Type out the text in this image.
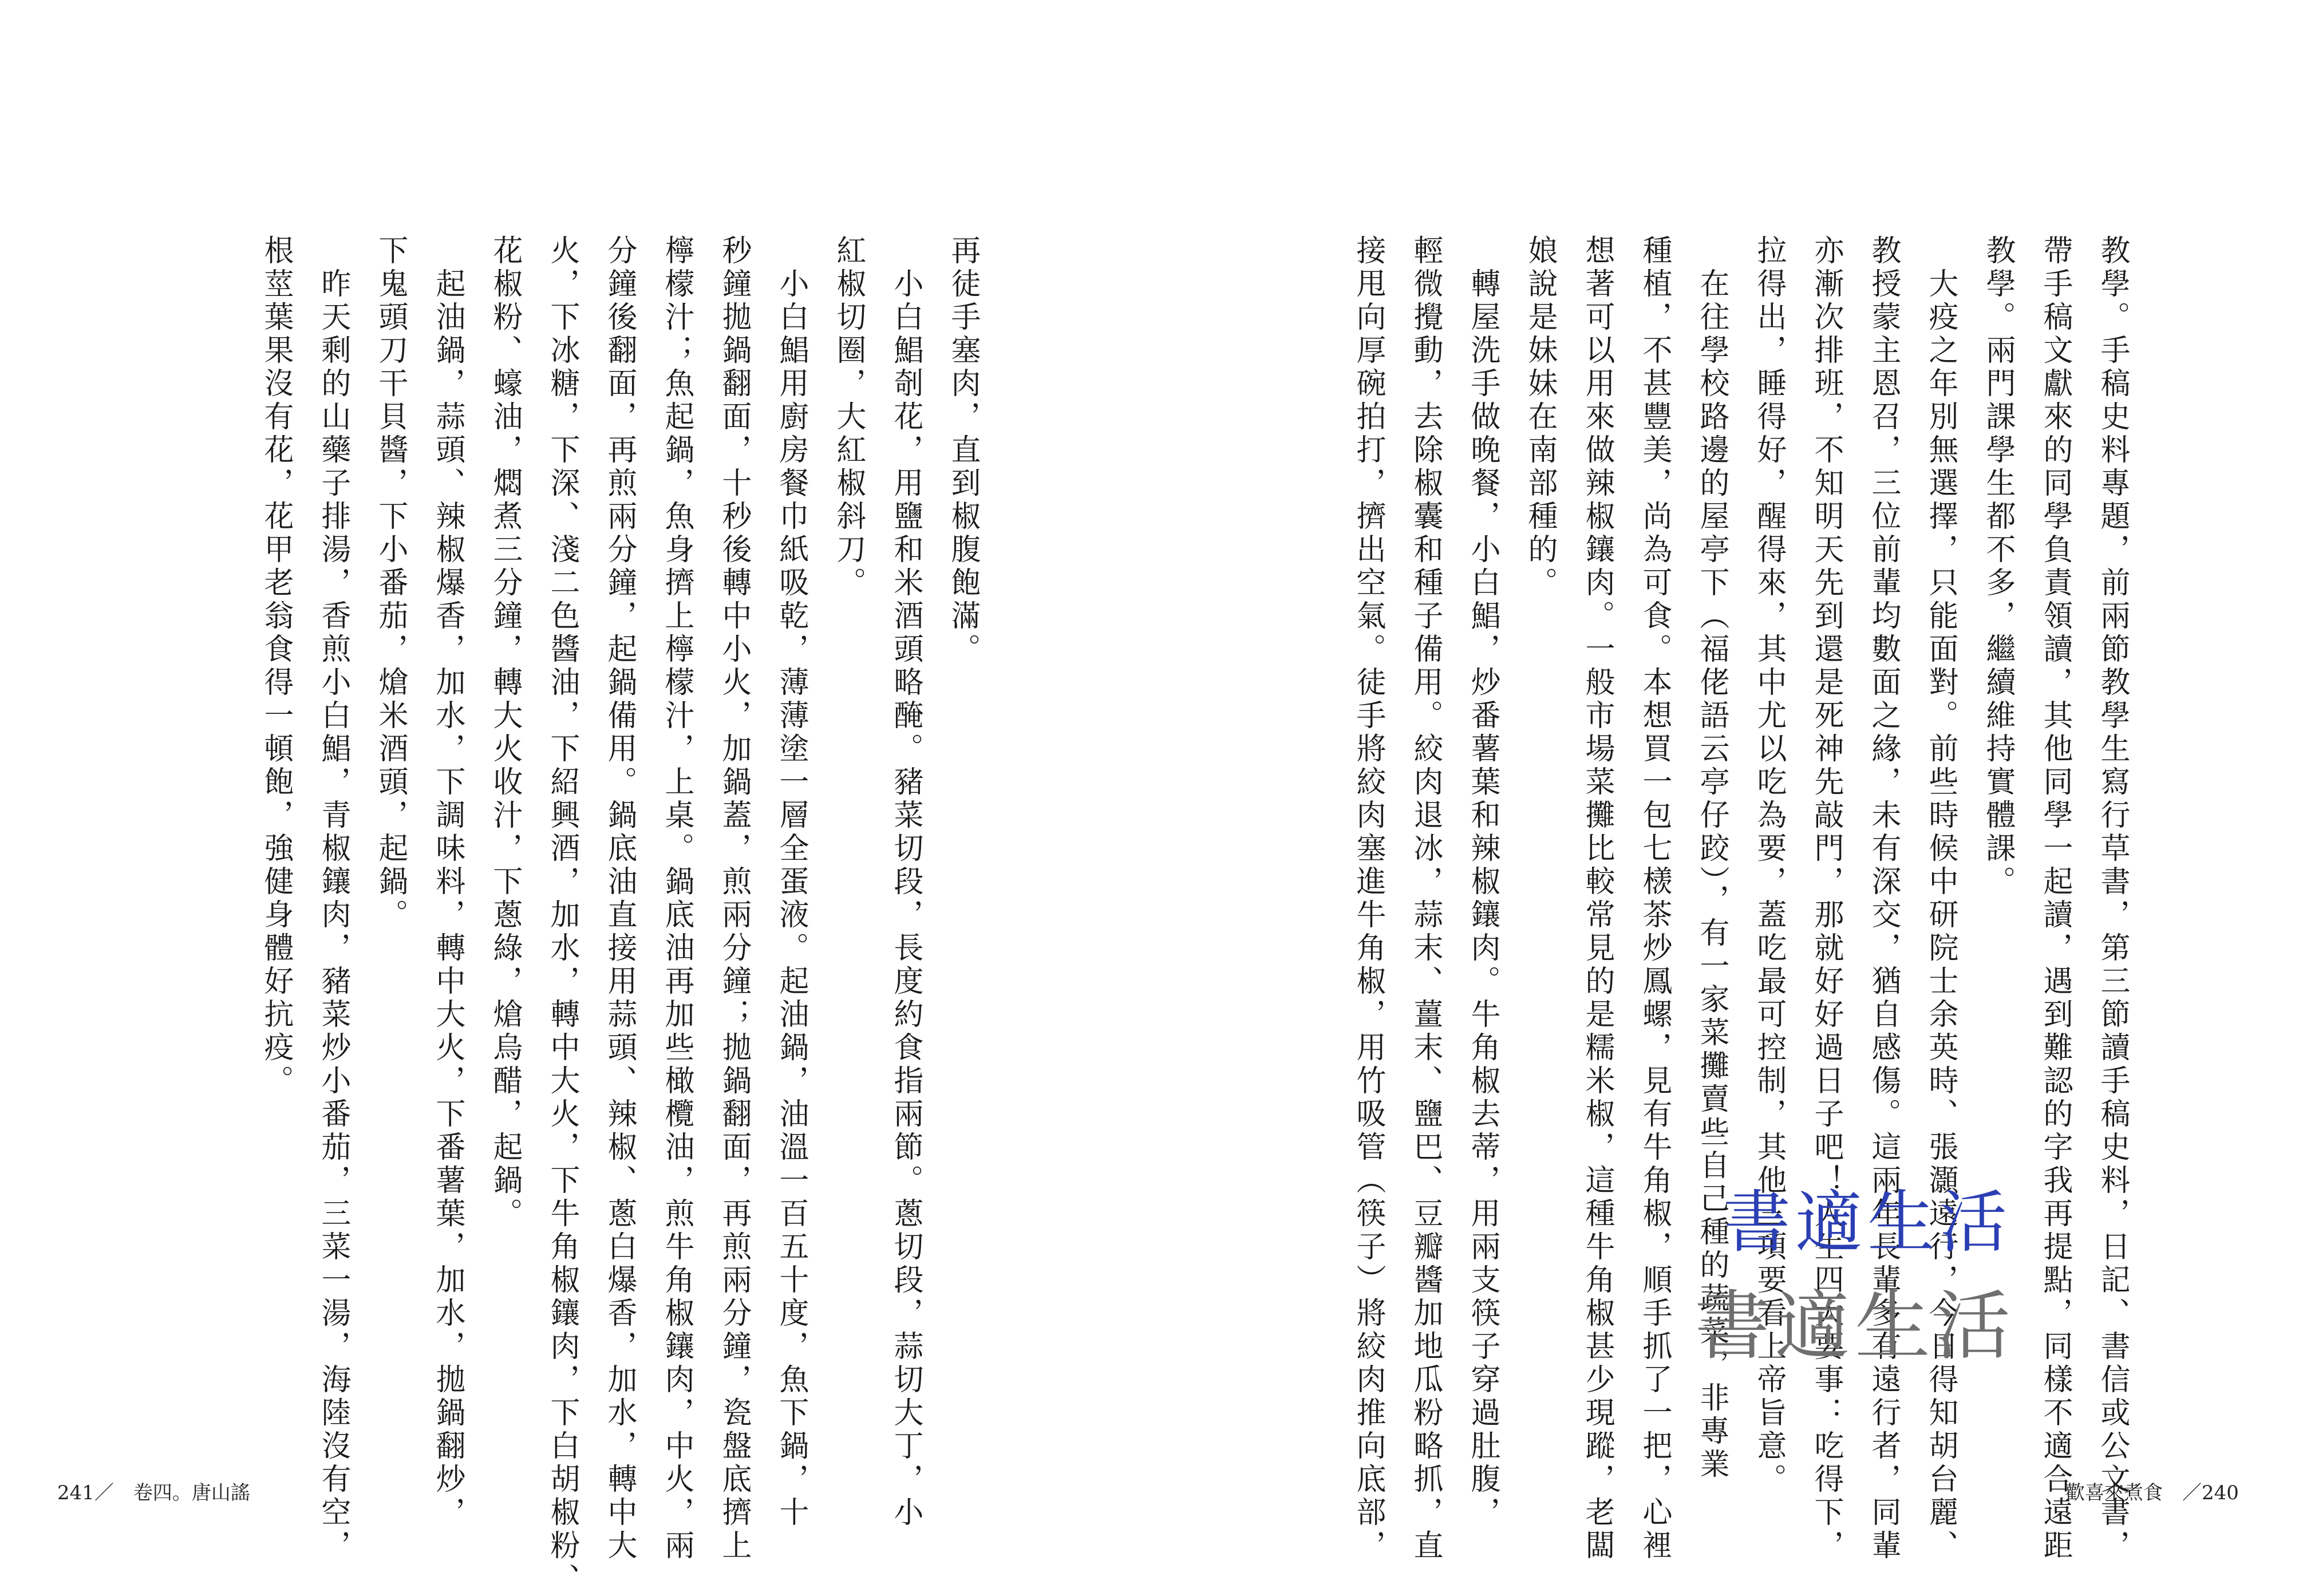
再徒手塞肉，直到椒腹飽滿。
　小白鯧剞花，用鹽和米酒頭略醃。豬菜切段，長度約食指兩節。蔥切段，蒜切大丁，小
紅椒切圈，大紅椒斜刀。
　小白鯧用廚房餐巾紙吸乾，薄薄塗一層全蛋液。起油鍋，油溫一百五十度，魚下鍋，十
秒鐘拋鍋翻面，十秒後轉中小火，加鍋蓋，煎兩分鐘；拋鍋翻面，再煎兩分鐘，瓷盤底擠上
檸檬汁；魚起鍋，魚身擠上檸檬汁，上桌。鍋底油再加些橄欖油，煎牛角椒鑲肉，中火，兩
分鐘後翻面，再煎兩分鐘，起鍋備用。鍋底油直接用蒜頭、辣椒、蔥白爆香，加水，轉中大
火，下冰糖，下深、淺二色醬油，下紹興酒，加水，轉中大火，下牛角椒鑲肉，下白胡椒粉、
花椒粉、蠔油，燜煮三分鐘，轉大火收汁，下蔥綠，熗烏醋，起鍋。
　起油鍋，蒜頭、辣椒爆香，加水，下調味料，轉中大火，下番薯葉，加水，拋鍋翻炒，
下鬼頭刀干貝醬，下小番茄，熗米酒頭，起鍋。
　昨天剩的山藥子排湯，香煎小白鯧，青椒鑲肉，豬菜炒小番茄，三菜一湯，海陸沒有空，
根莖葉果沒有花，花甲老翁食得一頓飽，強健身體好抗疫。
241／　卷四。唐山謠	教學。手稿史料專題，前兩節教學生寫行草書，第三節讀手稿史料，日記、書信或公文書，
帶手稿文獻來的同學負責領讀，其他同學一起讀，遇到難認的字我再提點，同樣不適合遠距
教學。兩門課學生都不多，繼續維持實體課。
　大疫之年別無選擇，只能面對。前些時候中研院士余英時、張灝遠行，今日得知胡台麗、
教授蒙主恩召，三位前輩均數面之緣，未有深交，猶自感傷。這兩年長輩多有遠行者，同輩
亦漸次排班，不知明天先到還是死神先敲門，那就好好過日子吧！人生四大要事：吃得下，
拉得出，睡得好，醒得來，其中尤以吃為要，蓋吃最可控制，其他三項要看上帝旨意。
　在往學校路邊的屋亭下（福佬語云亭仔跤），有一家菜攤賣些自己種的蔬菜，非專業
種植，不甚豐美，尚為可食。本想買一包七檨茶炒鳳螺，見有牛角椒，順手抓了一把，心裡
想著可以用來做辣椒鑲肉。一般市場菜攤比較常見的是糯米椒，這種牛角椒甚少現蹤，老闆
娘說是妹妹在南部種的。
　轉屋洗手做晚餐，小白鯧，炒番薯葉和辣椒鑲肉。牛角椒去蒂，用兩支筷子穿過肚腹，
輕微攪動，去除椒囊和種子備用。絞肉退冰，蒜末、薑末、鹽巴、豆瓣醬加地瓜粉略抓，直
接甩向厚碗拍打，擠出空氣。徒手將絞肉塞進牛角椒，用竹吸管（筷子）將絞肉推向底部，	歡喜來煮食　／240
書適生活
書適生活
